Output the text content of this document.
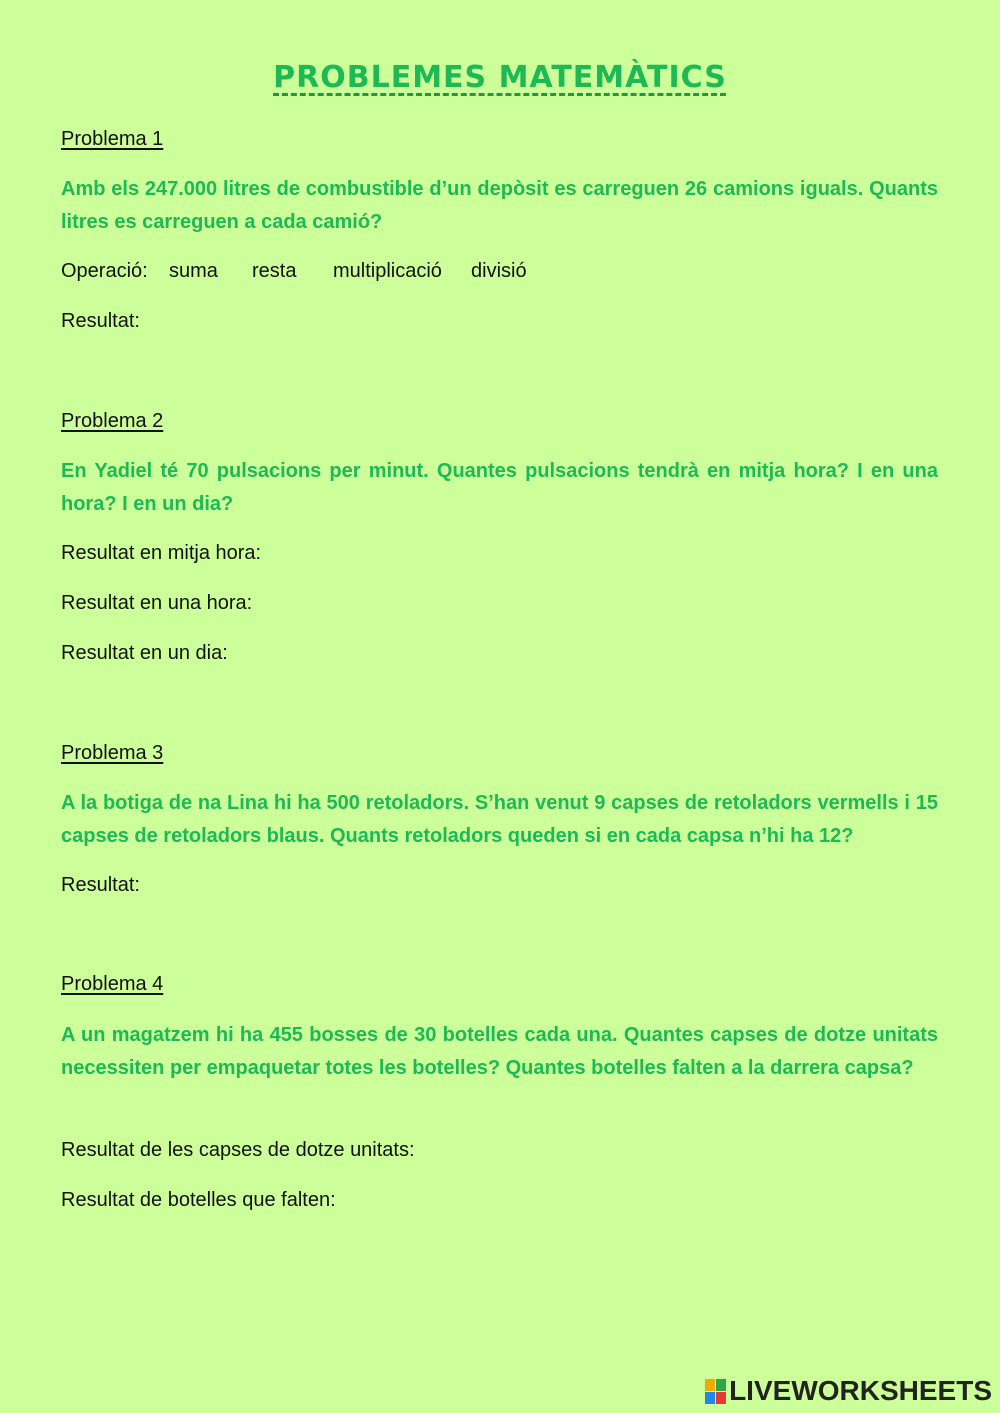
PROBLEMES MATEMÀTICS

Problema 1

Amb els 247.000 litres de combustible d’un depòsit es carreguen 26 camions iguals. Quants litres es carreguen a cada camió?

Operació: suma resta multiplicació divisió

Resultat:

Problema 2

En Yadiel té 70 pulsacions per minut. Quantes pulsacions tendrà en mitja hora? I en una hora? I en un dia?

Resultat en mitja hora:

Resultat en una hora:

Resultat en un dia:

Problema 3

A la botiga de na Lina hi ha 500 retoladors. S’han venut 9 capses de retoladors vermells i 15 capses de retoladors blaus. Quants retoladors queden si en cada capsa n’hi ha 12?

Resultat:

Problema 4

A un magatzem hi ha 455 bosses de 30 botelles cada una. Quantes capses de dotze unitats necessiten per empaquetar totes les botelles? Quantes botelles falten a la darrera capsa?

Resultat de les capses de dotze unitats:

Resultat de botelles que falten:

LIVEWORKSHEETS
